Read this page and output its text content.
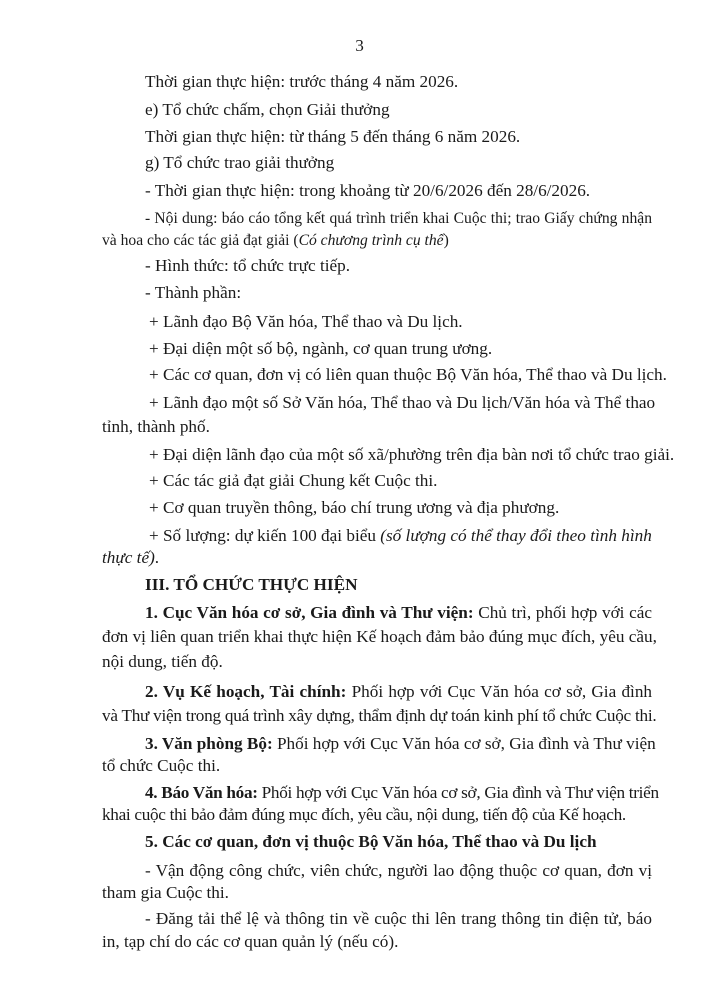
3
Thời gian thực hiện: trước tháng 4 năm 2026.
e) Tổ chức chấm, chọn Giải thưởng
Thời gian thực hiện: từ tháng 5 đến tháng 6 năm 2026.
g) Tổ chức trao giải thưởng
- Thời gian thực hiện: trong khoảng từ 20/6/2026 đến 28/6/2026.
- Nội dung: báo cáo tổng kết quá trình triển khai Cuộc thi; trao Giấy chứng nhận
và hoa cho các tác giả đạt giải (Có chương trình cụ thể)
- Hình thức: tổ chức trực tiếp.
- Thành phần:
+ Lãnh đạo Bộ Văn hóa, Thể thao và Du lịch.
+ Đại diện một số bộ, ngành, cơ quan trung ương.
+ Các cơ quan, đơn vị có liên quan thuộc Bộ Văn hóa, Thể thao và Du lịch.
+ Lãnh đạo một số Sở Văn hóa, Thể thao và Du lịch/Văn hóa và Thể thao
tỉnh, thành phố.
+ Đại diện lãnh đạo của một số xã/phường trên địa bàn nơi tổ chức trao giải.
+ Các tác giả đạt giải Chung kết Cuộc thi.
+ Cơ quan truyền thông, báo chí trung ương và địa phương.
+ Số lượng: dự kiến 100 đại biểu (số lượng có thể thay đổi theo tình hình
thực tế).
III. TỔ CHỨC THỰC HIỆN
1. Cục Văn hóa cơ sở, Gia đình và Thư viện: Chủ trì, phối hợp với các
đơn vị liên quan triển khai thực hiện Kế hoạch đảm bảo đúng mục đích, yêu cầu,
nội dung, tiến độ.
2. Vụ Kế hoạch, Tài chính: Phối hợp với Cục Văn hóa cơ sở, Gia đình
và Thư viện trong quá trình xây dựng, thẩm định dự toán kinh phí tổ chức Cuộc thi.
3. Văn phòng Bộ: Phối hợp với Cục Văn hóa cơ sở, Gia đình và Thư viện
tổ chức Cuộc thi.
4. Báo Văn hóa: Phối hợp với Cục Văn hóa cơ sở, Gia đình và Thư viện triển
khai cuộc thi bảo đảm đúng mục đích, yêu cầu, nội dung, tiến độ của Kế hoạch.
5. Các cơ quan, đơn vị thuộc Bộ Văn hóa, Thể thao và Du lịch
- Vận động công chức, viên chức, người lao động thuộc cơ quan, đơn vị
tham gia Cuộc thi.
- Đăng tải thể lệ và thông tin về cuộc thi lên trang thông tin điện tử, báo
in, tạp chí do các cơ quan quản lý (nếu có).
